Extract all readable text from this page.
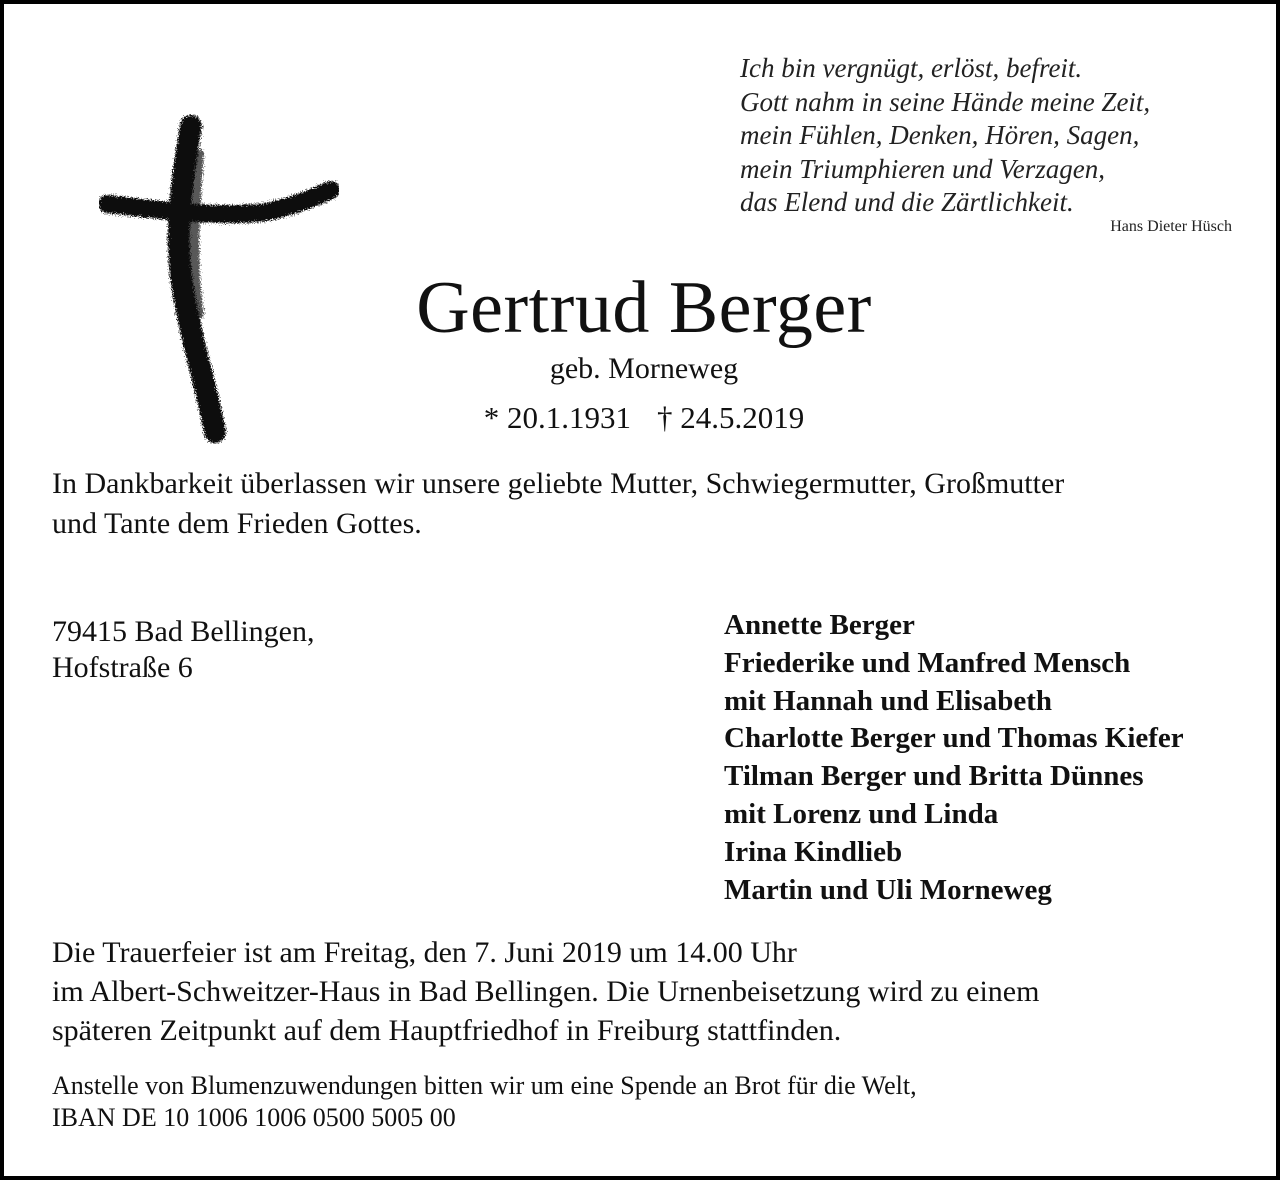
Ich bin vergnügt, erlöst, befreit.
Gott nahm in seine Hände meine Zeit,
mein Fühlen, Denken, Hören, Sagen,
mein Triumphieren und Verzagen,
das Elend und die Zärtlichkeit.
Hans Dieter Hüsch
Gertrud Berger
geb. Morneweg
* 20.1.1931 † 24.5.2019
In Dankbarkeit überlassen wir unsere geliebte Mutter, Schwiegermutter, Großmutter
und Tante dem Frieden Gottes.
79415 Bad Bellingen,
Hofstraße 6
Annette Berger
Friederike und Manfred Mensch
mit Hannah und Elisabeth
Charlotte Berger und Thomas Kiefer
Tilman Berger und Britta Dünnes
mit Lorenz und Linda
Irina Kindlieb
Martin und Uli Morneweg
Die Trauerfeier ist am Freitag, den 7. Juni 2019 um 14.00 Uhr
im Albert-Schweitzer-Haus in Bad Bellingen. Die Urnenbeisetzung wird zu einem
späteren Zeitpunkt auf dem Hauptfriedhof in Freiburg stattfinden.
Anstelle von Blumenzuwendungen bitten wir um eine Spende an Brot für die Welt,
IBAN DE 10 1006 1006 0500 5005 00
